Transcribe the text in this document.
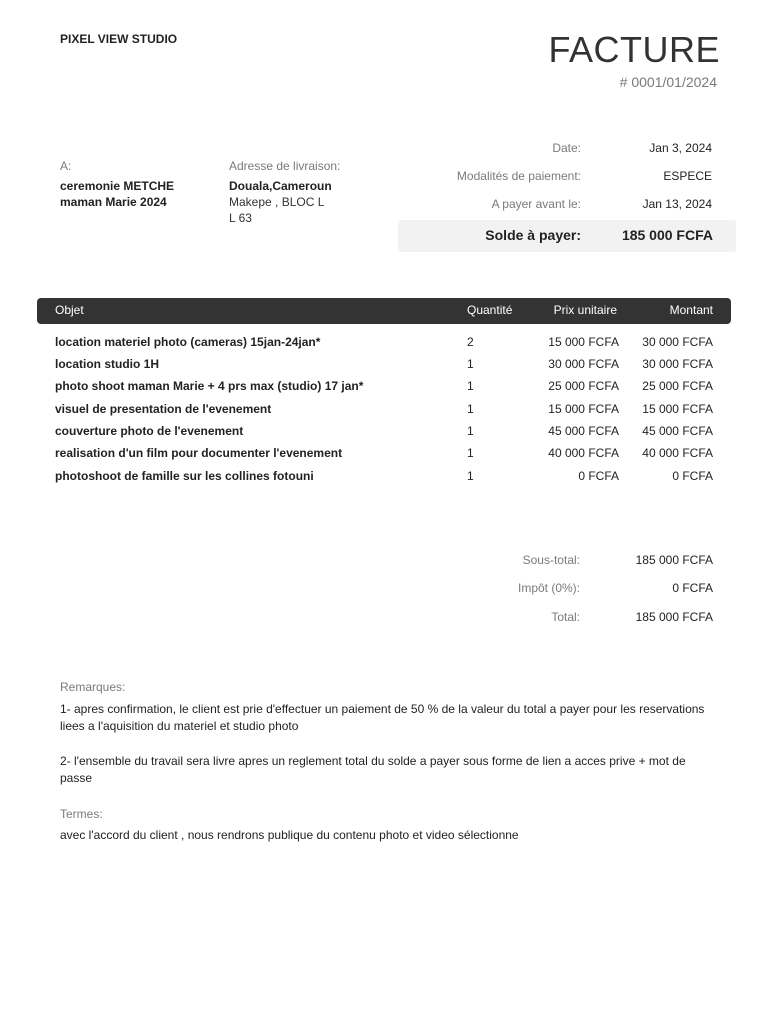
PIXEL VIEW STUDIO	FACTURE
# 0001/01/2024
A:
ceremonie METCHE
maman Marie 2024
Adresse de livraison:
Douala,Cameroun
Makepe , BLOC L
L 63
Date:	Jan 3, 2024
Modalités de paiement:	ESPECE
A payer avant le:	Jan 13, 2024
Solde à payer:	185 000 FCFA
Objet	Quantité	Prix unitaire	Montant
location materiel photo (cameras) 15jan-24jan*	2	15 000 FCFA 30 000 FCFA
location studio 1H	1	30 000 FCFA 30 000 FCFA
photo shoot maman Marie + 4 prs max (studio) 17 jan*	1	25 000 FCFA 25 000 FCFA
visuel de presentation de l'evenement	1	15 000 FCFA 15 000 FCFA
couverture photo de l'evenement	1	45 000 FCFA 45 000 FCFA
realisation d'un film pour documenter l'evenement	1	40 000 FCFA 40 000 FCFA
photoshoot de famille sur les collines fotouni	1	0 FCFA	0 FCFA
Sous-total:	185 000 FCFA
Impôt (0%):	0 FCFA
Total:	185 000 FCFA
Remarques:
1- apres confirmation, le client est prie d'effectuer un paiement de 50 % de la valeur du total a payer pour les reservations liees a l'aquisition du materiel et studio photo
2- l'ensemble du travail sera livre apres un reglement total du solde a payer sous forme de lien a acces prive + mot de passe
Termes:
avec l'accord du client , nous rendrons publique du contenu photo et video sélectionne
